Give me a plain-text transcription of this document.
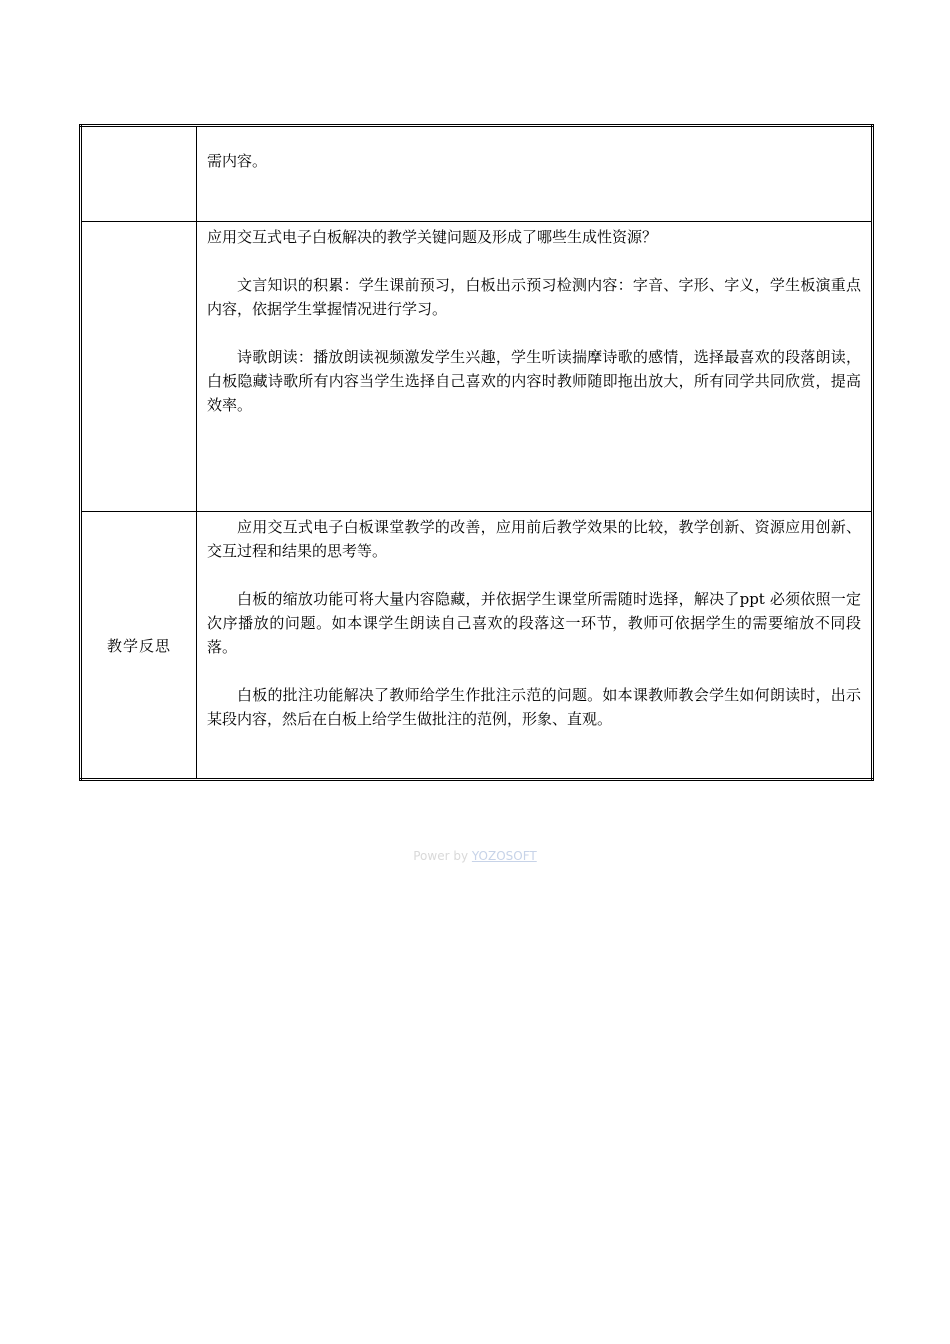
	需内容。

	应用交互式电子白板解决的教学关键问题及形成了哪些生成性资源？

文言知识的积累：学生课前预习，白板出示预习检测内容：字音、字形、字义，学生板演重点内容，依据学生掌握情况进行学习。

诗歌朗读：播放朗读视频激发学生兴趣，学生听读揣摩诗歌的感情，选择最喜欢的段落朗读，白板隐藏诗歌所有内容当学生选择自己喜欢的内容时教师随即拖出放大，所有同学共同欣赏，提高效率。

教学反思	应用交互式电子白板课堂教学的改善，应用前后教学效果的比较，教学创新、资源应用创新、交互过程和结果的思考等。

白板的缩放功能可将大量内容隐藏，并依据学生课堂所需随时选择，解决了ppt 必须依照一定次序播放的问题。如本课学生朗读自己喜欢的段落这一环节，教师可依据学生的需要缩放不同段落。

白板的批注功能解决了教师给学生作批注示范的问题。如本课教师教会学生如何朗读时，出示某段内容，然后在白板上给学生做批注的范例，形象、直观。

Power by YOZOSOFT
